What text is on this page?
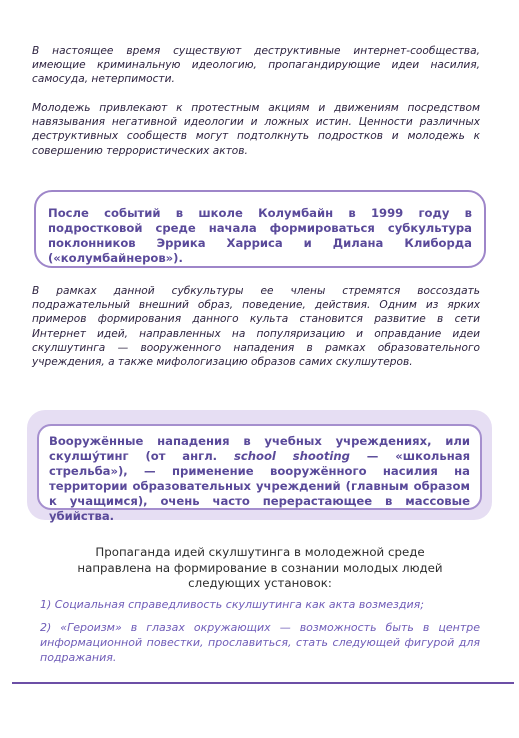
В настоящее время существуют деструктивные интернет-сообщества, имеющие криминальную идеологию, пропагандирующие идеи насилия, самосуда, нетерпимости.

Молодежь привлекают к протестным акциям и движениям посредством навязывания негативной идеологии и ложных истин. Ценности различных деструктивных сообществ могут подтолкнуть подростков и молодежь к совершению террористических актов.

После событий в школе Колумбайн в 1999 году в подростковой среде начала формироваться субкультура поклонников Эррика Харриса и Дилана Клиборда («колумбайнеров»).

В рамках данной субкультуры ее члены стремятся воссоздать подражательный внешний образ, поведение, действия. Одним из ярких примеров формирования данного культа становится развитие в сети Интернет идей, направленных на популяризацию и оправдание идеи скулшутинга — вооруженного нападения в рамках образовательного учреждения, а также мифологизацию образов самих скулшутеров.

Вооружённые нападения в учебных учреждениях, или скулшу́тинг (от англ. school shooting — «школьная стрельба»), — применение вооружённого насилия на территории образовательных учреждений (главным образом к учащимся), очень часто перерастающее в массовые убийства.

Пропаганда идей скулшутинга в молодежной среде направлена на формирование в сознании молодых людей следующих установок:

1) Социальная справедливость скулшутинга как акта возмездия;

2) «Героизм» в глазах окружающих — возможность быть в центре информационной повестки, прославиться, стать следующей фигурой для подражания.
